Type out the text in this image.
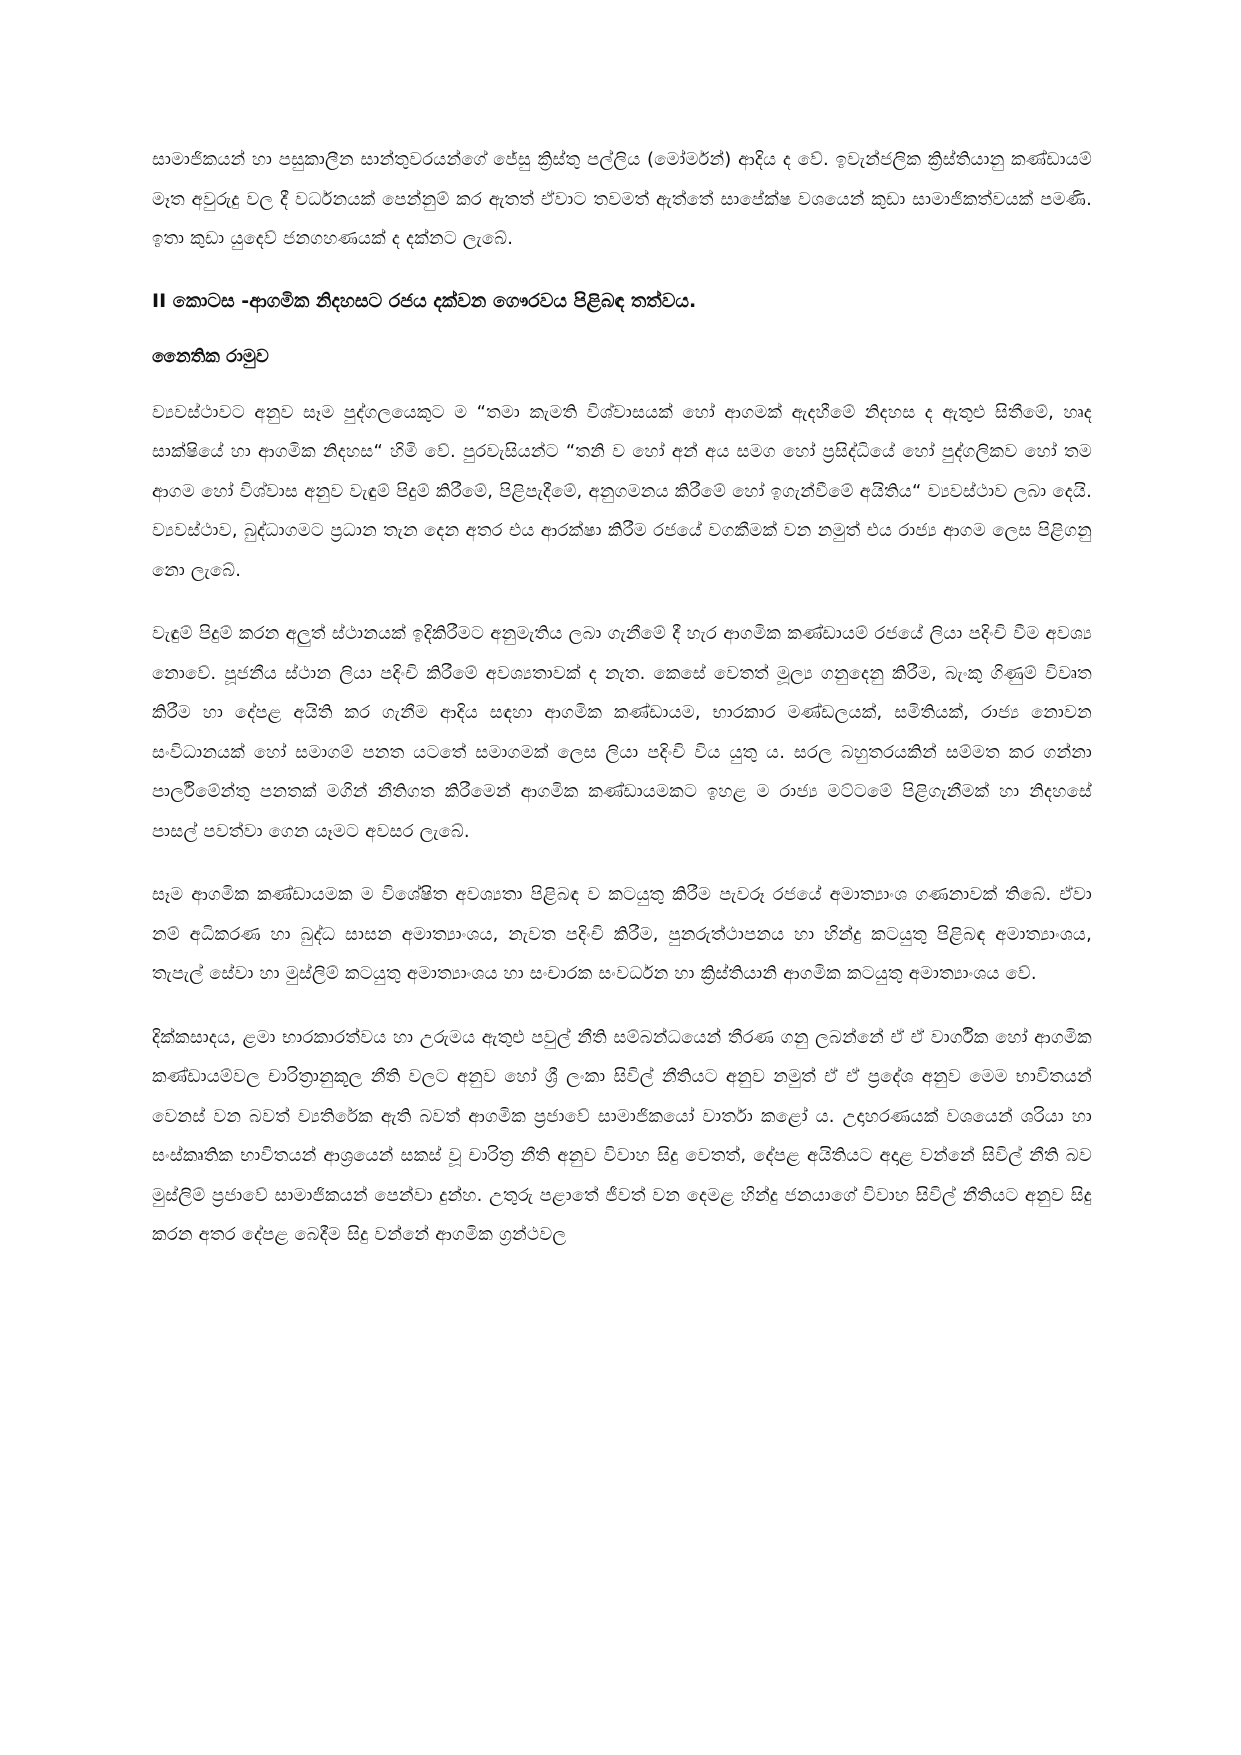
සාමාජිකයන් හා පසුකාලීන සාන්තුවරයන්ගේ ජේසු ක්‍රිස්තු පල්ලිය (මෝර්මන්) ආදිය ද වේ. ඉවැන්ජලික ක්‍රිස්තියානු කණ්ඩායම් මෑත අවුරුදු වල දී වර්ධනයක් පෙන්නුම් කර ඇතත් ඒවාට තවමත් ඇත්තේ සාපේක්ෂ වශයෙන් කුඩා සාමාජිකත්වයක් පමණි. ඉතා කුඩා යුදෙව් ජනගහණයක් ද දක්නට ලැබේ.

II කොටස -ආගමික නිදහසට රජය දක්වන ගෞරවය පිළිබඳ තත්වය.

නෛතික රාමුව

ව්‍යවස්ථාවට අනුව සෑම පුද්ගලයෙකුට ම “තමා කැමති විශ්වාසයක් හෝ ආගමක් ඇදහීමේ නිදහස ද ඇතුළු සිතීමේ, හෘද සාක්ෂියේ හා ආගමික නිදහස“ හිමි වේ. පුරවැසියන්ට “තනි ව හෝ අන් අය සමග හෝ ප්‍රසිද්ධියේ හෝ පුද්ගලිකව හෝ තම ආගම හෝ විශ්වාස අනුව වැඳුම් පිදුම් කිරීමේ, පිළිපැදීමේ, අනුගමනය කිරීමේ හෝ ඉගැන්වීමේ අයිතිය“ ව්‍යවස්ථාව ලබා දෙයි. ව්‍යවස්ථාව, බුද්ධාගමට ප්‍රධාන තැන දෙන අතර එය ආරක්ෂා කිරීම රජයේ වගකීමක් වන නමුත් එය රාජ්‍ය ආගම ලෙස පිළිගනු නො ලැබේ.

වැඳුම් පිදුම් කරන අලුත් ස්ථානයක් ඉදිකිරීමට අනුමැතිය ලබා ගැනීමේ දී හැර ආගමික කණ්ඩායම් රජයේ ලියා පදිංචි වීම අවශ්‍ය නොවේ. පූජනීය ස්ථාන ලියා පදිංචි කිරීමේ අවශ්‍යතාවක් ද නැත. කෙසේ වෙතත් මූල්‍ය ගනුදෙනු කිරීම, බැංකු ගිණුම් විවෘත කිරීම හා දේපළ අයිති කර ගැනීම ආදිය සඳහා ආගමික කණ්ඩායම, භාරකාර මණ්ඩලයක්, සමිතියක්, රාජ්‍ය නොවන සංවිධානයක් හෝ සමාගම් පනත යටතේ සමාගමක් ලෙස ලියා පදිංචි විය යුතු ය. සරල බහුතරයකින් සම්මත කර ගන්නා පාර්ලිමේන්තු පනතක් මගින් නීතිගත කිරීමෙන් ආගමික කණ්ඩායමකට ඉහළ ම රාජ්‍ය මට්ටමේ පිළිගැනීමක් හා නිදහසේ පාසල් පවත්වා ගෙන යෑමට අවසර ලැබේ.

සෑම ආගමික කණ්ඩායමක ම විශේෂිත අවශ්‍යතා පිළිබඳ ව කටයුතු කිරීම පැවරූ රජයේ අමාත්‍යාංශ ගණනාවක් තිබේ. ඒවා නම් අධිකරණ හා බුද්ධ සාසන අමාත්‍යාංශය, නැවත පදිංචි කිරීම, පුනරුත්ථාපනය හා හින්දු කටයුතු පිළිබඳ අමාත්‍යාංශය, තැපැල් සේවා හා මුස්ලිම් කටයුතු අමාත්‍යාංශය හා සංචාරක සංවර්ධන හා ක්‍රිස්තියානි ආගමික කටයුතු අමාත්‍යාංශය වේ.

දික්කසාදය, ළමා භාරකාරත්වය හා උරුමය ඇතුළු පවුල් නීති සම්බන්ධයෙන් තීරණ ගනු ලබන්නේ ඒ ඒ වාර්ගික හෝ ආගමික කණ්ඩායම්වල චාරිත්‍රානුකූල නීති වලට අනුව හෝ ශ්‍රී ලංකා සිවිල් නීතියට අනුව නමුත් ඒ ඒ ප්‍රදේශ අනුව මෙම භාවිතයන් වෙනස් වන බවත් ව්‍යතිරේක ඇති බවත් ආගමික ප්‍රජාවේ සාමාජිකයෝ වාර්තා කළෝ ය. උදාහරණයක් වශයෙන් ශරියා හා සංස්කෘතික භාවිතයන් ආශ්‍රයෙන් සකස් වූ චාරිත්‍ර නීති අනුව විවාහ සිදු වෙතත්, දේපළ අයිතියට අදාළ වන්නේ සිවිල් නීති බව මුස්ලිම් ප්‍රජාවේ සාමාජිකයන් පෙන්වා දුන්හ. උතුරු පළාතේ ජීවත් වන දෙමළ හින්දු ජනයාගේ විවාහ සිවිල් නීතියට අනුව සිදු කරන අතර දේපළ බෙදීම සිදු වන්නේ ආගමික ග්‍රන්ථවල
